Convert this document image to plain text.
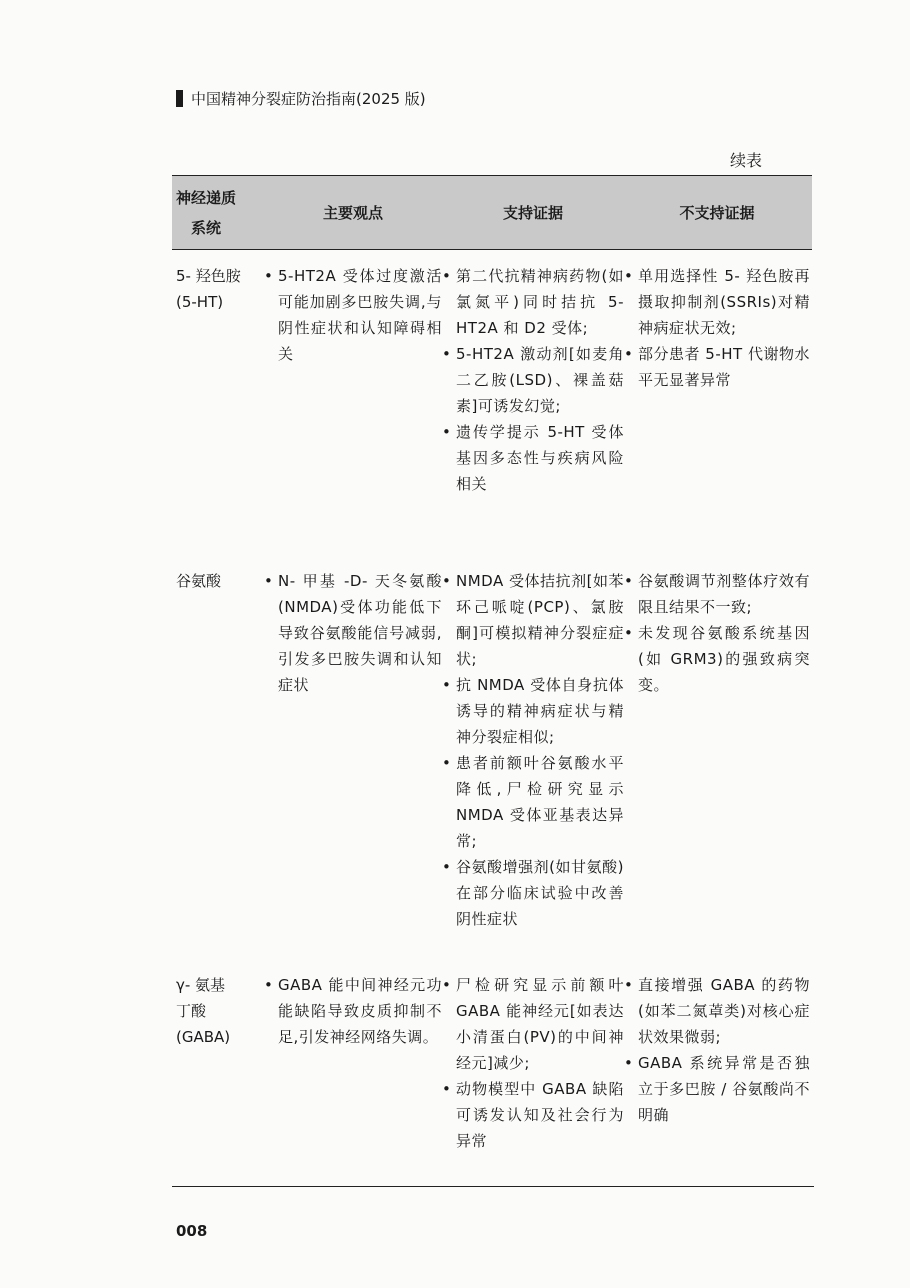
中国精神分裂症防治指南(2025 版)
续表
神经递质系统
主要观点	支持证据	不支持证据
5- 羟色胺
(5-HT)
• 5-HT2A 受体过度激活可能加剧多巴胺失调,与阴性症状和认知障碍相关
• 第二代抗精神病药物(如氯氮平)同时拮抗 5-HT2A 和 D2 受体;
• 5-HT2A 激动剂[如麦角二乙胺(LSD)、裸盖菇素]可诱发幻觉;
• 遗传学提示 5-HT 受体基因多态性与疾病风险相关
• 单用选择性 5- 羟色胺再摄取抑制剂(SSRIs)对精神病症状无效;
• 部分患者 5-HT 代谢物水平无显著异常
谷氨酸
•	N- 甲基 -D- 天冬氨酸(NMDA)受体功能低下导致谷氨酸能信号减弱,引发多巴胺失调和认知症状
• NMDA 受体拮抗剂[如苯环己哌啶(PCP)、氯胺酮]可模拟精神分裂症症状;
• 抗 NMDA 受体自身抗体诱导的精神病症状与精神分裂症相似;
• 患者前额叶谷氨酸水平降低,尸检研究显示 NMDA 受体亚基表达异常;
• 谷氨酸增强剂(如甘氨酸)在部分临床试验中改善阴性症状
• 谷氨酸调节剂整体疗效有限且结果不一致;
• 未发现谷氨酸系统基因(如 GRM3)的强致病突变。
γ- 氨基
丁酸
(GABA)
• GABA 能中间神经元功能缺陷导致皮质抑制不足,引发神经网络失调。
• 尸检研究显示前额叶 GABA 能神经元[如表达小清蛋白(PV)的中间神经元]减少;
• 动物模型中 GABA 缺陷可诱发认知及社会行为异常
• 直接增强 GABA 的药物(如苯二氮䓬类)对核心症状效果微弱;
• GABA 系统异常是否独立于多巴胺 / 谷氨酸尚不明确
008
